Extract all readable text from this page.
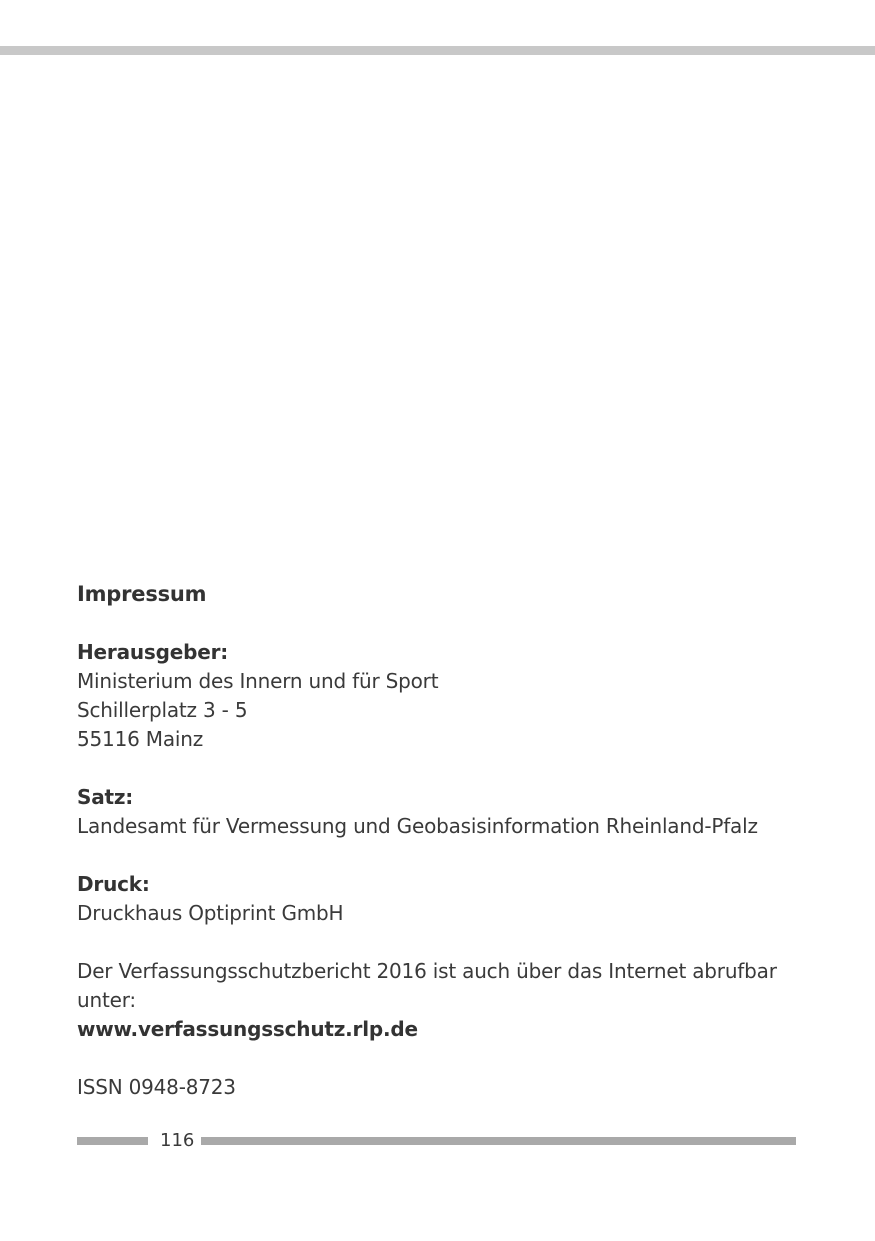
Impressum

Herausgeber:

Ministerium des Innern und für Sport

Schillerplatz 3 - 5

55116 Mainz

Satz:

Landesamt für Vermessung und Geobasisinformation Rheinland-Pfalz

Druck:

Druckhaus Optiprint GmbH

Der Verfassungsschutzbericht 2016 ist auch über das Internet abrufbar

unter:

www.verfassungsschutz.rlp.de

ISSN 0948-8723

116
